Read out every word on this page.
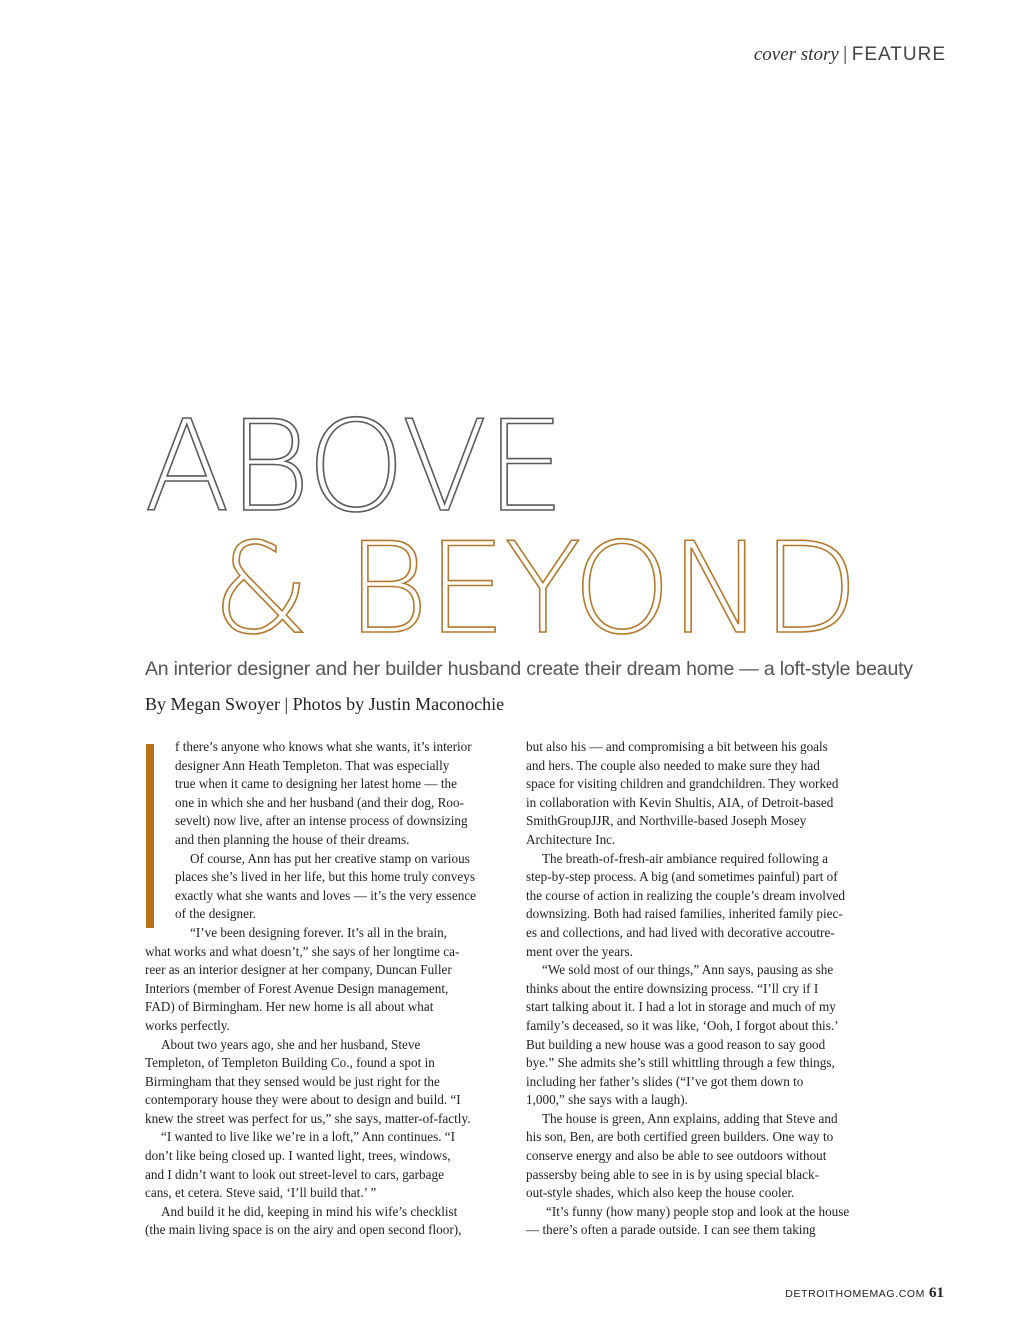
cover story | FEATURE
ABOVE
& BEYOND
An interior designer and her builder husband create their dream home — a loft-style beauty
By Megan Swoyer | Photos by Justin Maconochie

f there’s anyone who knows what she wants, it’s interior

designer Ann Heath Templeton. That was especially

true when it came to designing her latest home — the

one in which she and her husband (and their dog, Roo-

sevelt) now live, after an intense process of downsizing

and then planning the house of their dreams.

Of course, Ann has put her creative stamp on various

places she’s lived in her life, but this home truly conveys

exactly what she wants and loves — it’s the very essence

of the designer.

“I’ve been designing forever. It’s all in the brain,

what works and what doesn’t,” she says of her longtime ca-

reer as an interior designer at her company, Duncan Fuller

Interiors (member of Forest Avenue Design management,

FAD) of Birmingham. Her new home is all about what

works perfectly.

About two years ago, she and her husband, Steve

Templeton, of Templeton Building Co., found a spot in

Birmingham that they sensed would be just right for the

contemporary house they were about to design and build. “I

knew the street was perfect for us,” she says, matter-of-factly.

“I wanted to live like we’re in a loft,” Ann continues. “I

don’t like being closed up. I wanted light, trees, windows,

and I didn’t want to look out street-level to cars, garbage

cans, et cetera. Steve said, ‘I’ll build that.’ ”

And build it he did, keeping in mind his wife’s checklist

(the main living space is on the airy and open second floor),

but also his — and compromising a bit between his goals

and hers. The couple also needed to make sure they had

space for visiting children and grandchildren. They worked

in collaboration with Kevin Shultis, AIA, of Detroit-based

SmithGroupJJR, and Northville-based Joseph Mosey

Architecture Inc.

The breath-of-fresh-air ambiance required following a

step-by-step process. A big (and sometimes painful) part of

the course of action in realizing the couple’s dream involved

downsizing. Both had raised families, inherited family piec-

es and collections, and had lived with decorative accoutre-

ment over the years.

“We sold most of our things,” Ann says, pausing as she

thinks about the entire downsizing process. “I’ll cry if I

start talking about it. I had a lot in storage and much of my

family’s deceased, so it was like, ‘Ooh, I forgot about this.’

But building a new house was a good reason to say good

bye.” She admits she’s still whittling through a few things,

including her father’s slides (“I’ve got them down to

1,000,” she says with a laugh).

The house is green, Ann explains, adding that Steve and

his son, Ben, are both certified green builders. One way to

conserve energy and also be able to see outdoors without

passersby being able to see in is by using special black-

out-style shades, which also keep the house cooler.

“It’s funny (how many) people stop and look at the house

— there’s often a parade outside. I can see them taking

DETROITHOMEMAG.COM 61
